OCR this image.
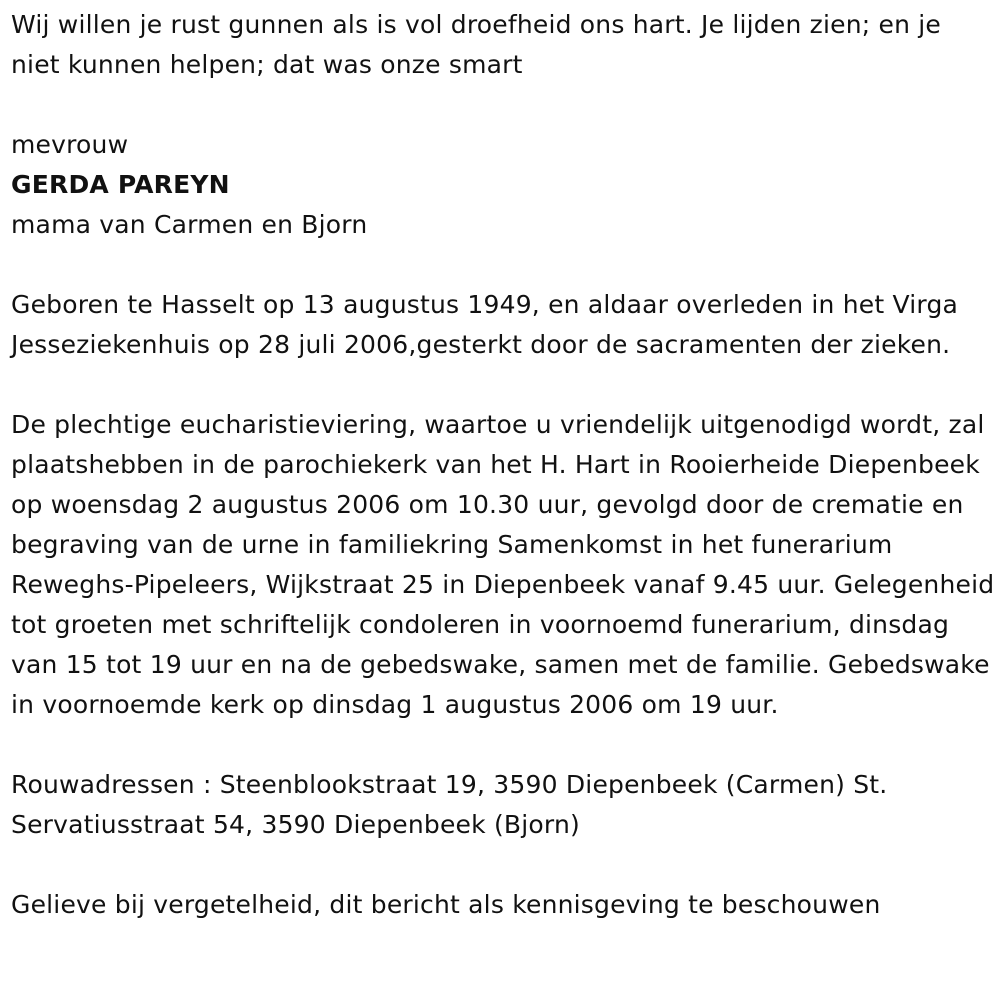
Wij willen je rust gunnen als is vol droefheid ons hart. Je lijden zien; en je niet kunnen helpen; dat was onze smart

mevrouw

GERDA PAREYN

mama van Carmen en Bjorn

Geboren te Hasselt op 13 augustus 1949, en aldaar overleden in het Virga Jesseziekenhuis op 28 juli 2006,gesterkt door de sacramenten der zieken.

De plechtige eucharistieviering, waartoe u vriendelijk uitgenodigd wordt, zal plaatshebben in de parochiekerk van het H. Hart in Rooierheide Diepenbeek op woensdag 2 augustus 2006 om 10.30 uur, gevolgd door de crematie en begraving van de urne in familiekring Samenkomst in het funerarium Reweghs-Pipeleers, Wijkstraat 25 in Diepenbeek vanaf 9.45 uur. Gelegenheid tot groeten met schriftelijk condoleren in voornoemd funerarium, dinsdag van 15 tot 19 uur en na de gebedswake, samen met de familie. Gebedswake in voornoemde kerk op dinsdag 1 augustus 2006 om 19 uur.

Rouwadressen : Steenblookstraat 19, 3590 Diepenbeek (Carmen) St. Servatiusstraat 54, 3590 Diepenbeek (Bjorn)

Gelieve bij vergetelheid, dit bericht als kennisgeving te beschouwen
